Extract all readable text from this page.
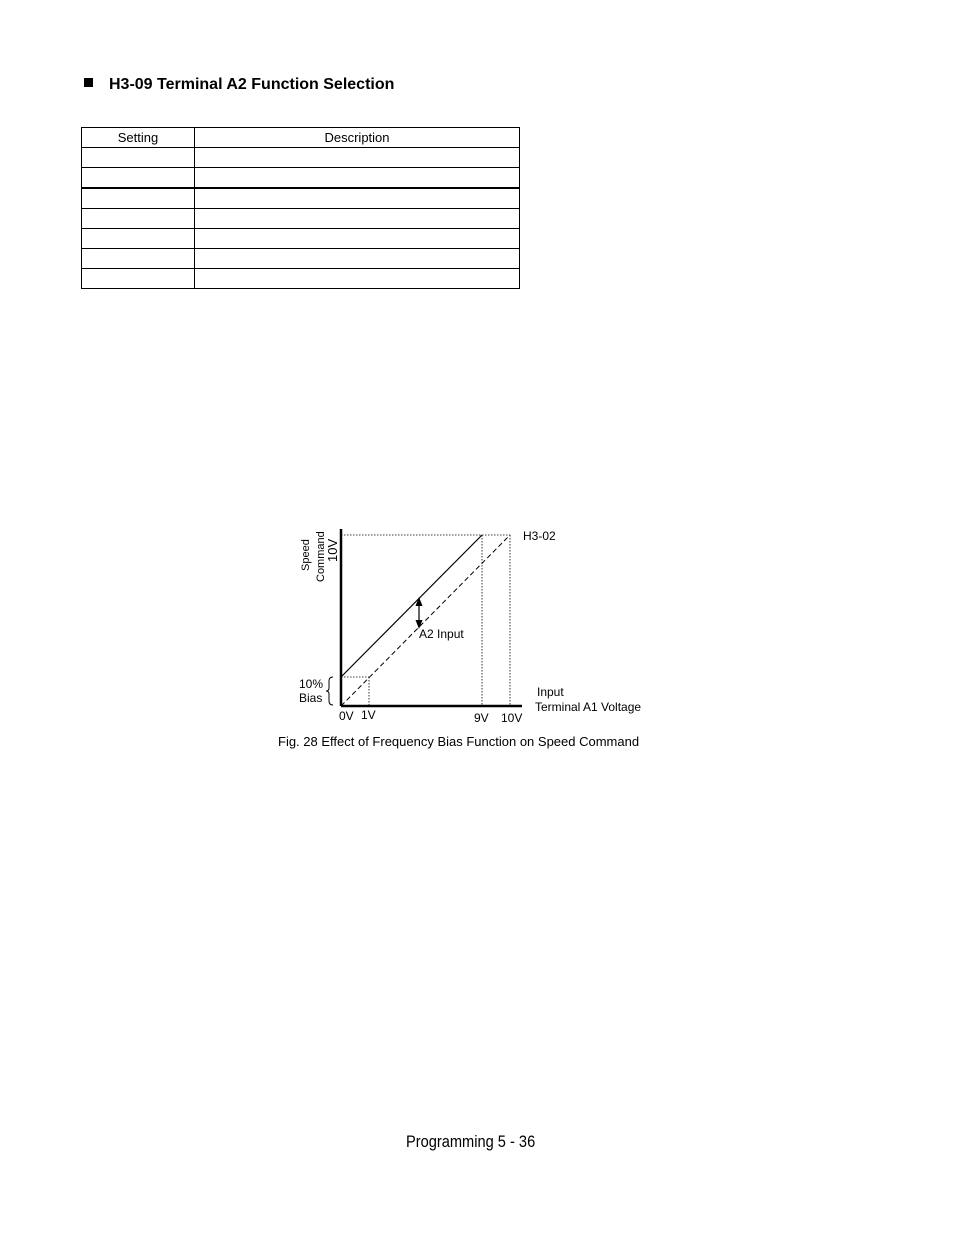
H3-09 Terminal A2 Function Selection
Setting	Description

Speed Command
10V
H3-02
A2 Input
10%
Bias	Input
Terminal A1 Voltage
0V 1V	9V 10V
Fig. 28 Effect of Frequency Bias Function on Speed Command
Programming 5 - 36
